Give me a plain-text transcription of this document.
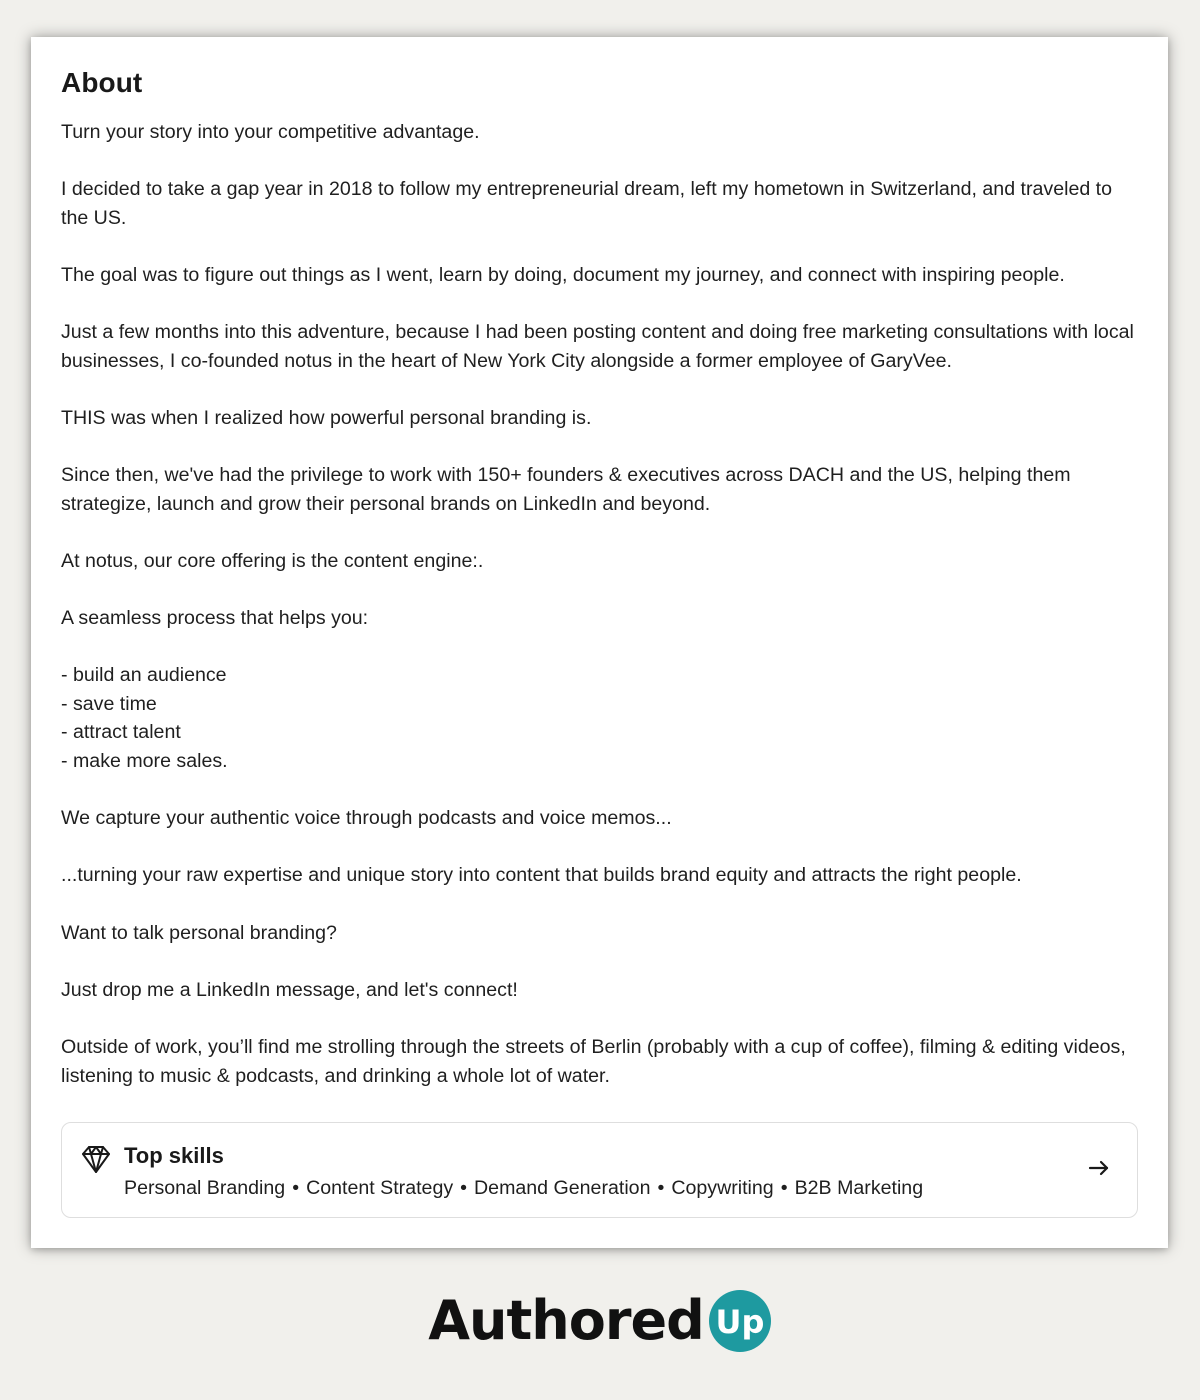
About

Turn your story into your competitive advantage.

I decided to take a gap year in 2018 to follow my entrepreneurial dream, left my hometown in Switzerland, and traveled to the US.

The goal was to figure out things as I went, learn by doing, document my journey, and connect with inspiring people.

Just a few months into this adventure, because I had been posting content and doing free marketing consultations with local businesses, I co-founded notus in the heart of New York City alongside a former employee of GaryVee.

THIS was when I realized how powerful personal branding is.

Since then, we've had the privilege to work with 150+ founders & executives across DACH and the US, helping them strategize, launch and grow their personal brands on LinkedIn and beyond.

At notus, our core offering is the content engine:.

A seamless process that helps you:

- build an audience
- save time
- attract talent
- make more sales.

We capture your authentic voice through podcasts and voice memos...

...turning your raw expertise and unique story into content that builds brand equity and attracts the right people.

Want to talk personal branding?

Just drop me a LinkedIn message, and let's connect!

Outside of work, you’ll find me strolling through the streets of Berlin (probably with a cup of coffee), filming & editing videos, listening to music & podcasts, and drinking a whole lot of water.

Top skills
Personal Branding • Content Strategy • Demand Generation • Copywriting • B2B Marketing
Authored Up
